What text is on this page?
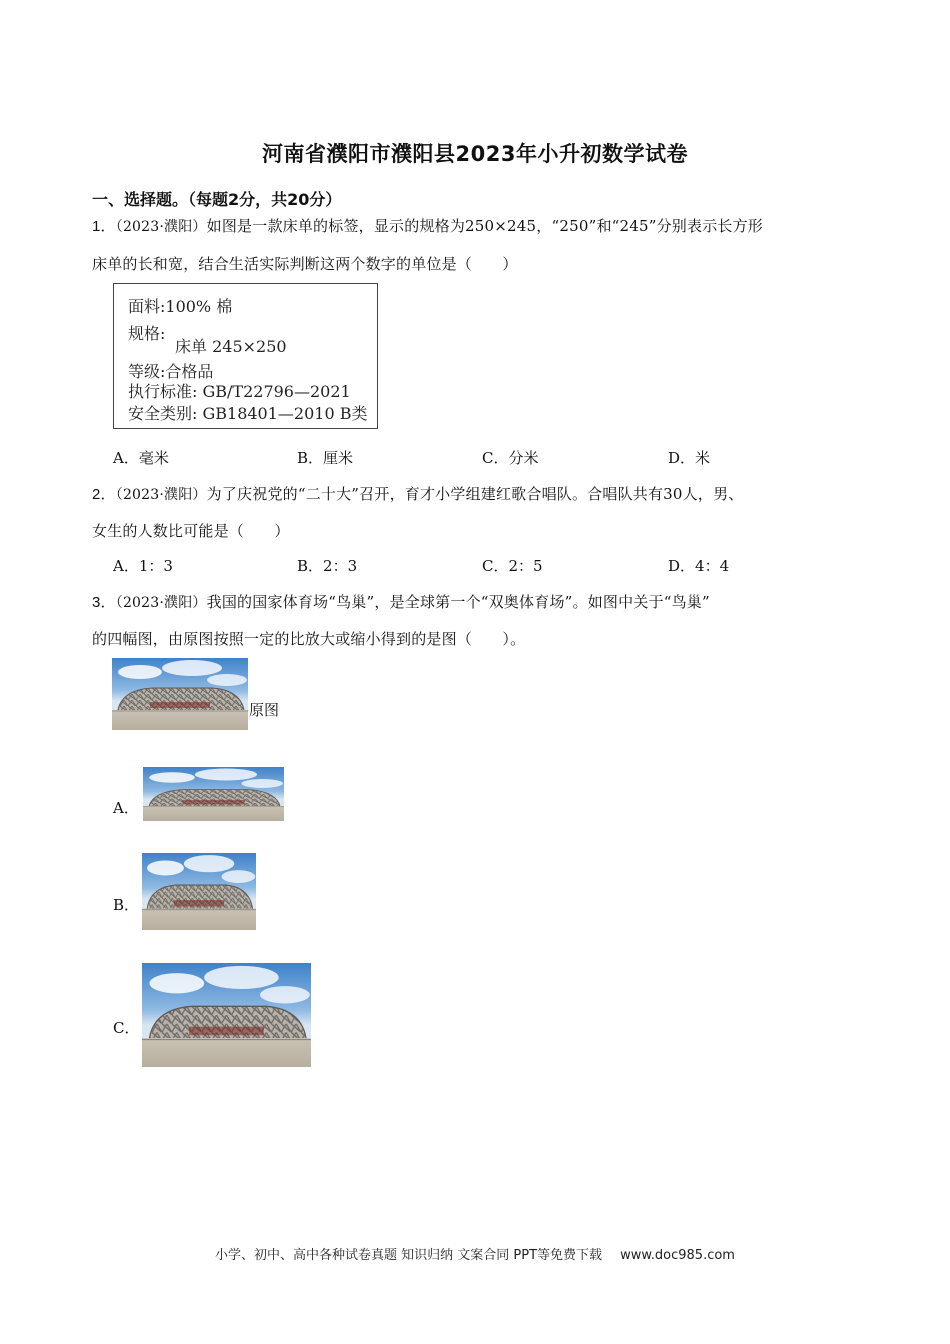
河南省濮阳市濮阳县2023年小升初数学试卷
一、选择题。（每题2分，共20分）
1．（2023·濮阳）如图是一款床单的标签，显示的规格为250×245，“250”和“245”分别表示长方形
床单的长和宽，结合生活实际判断这两个数字的单位是（　　）
面料:100% 棉
规格:
床单 245×250
等级:合格品
执行标准: GB/T22796—2021
安全类别: GB18401—2010 B类
A．毫米	B．厘米	C．分米	D．米
2．（2023·濮阳）为了庆祝党的“二十大”召开，育才小学组建红歌合唱队。合唱队共有30人，男、
女生的人数比可能是（　　）
A．1：3	B．2：3	C．2：5	D．4：4
3．（2023·濮阳）我国的国家体育场“鸟巢”，是全球第一个“双奥体育场”。如图中关于“鸟巢”
的四幅图，由原图按照一定的比放大或缩小得到的是图（　　）。
原图
A．
B．
C．
小学、初中、高中各种试卷真题 知识归纳 文案合同 PPT等免费下载 www.doc985.com
